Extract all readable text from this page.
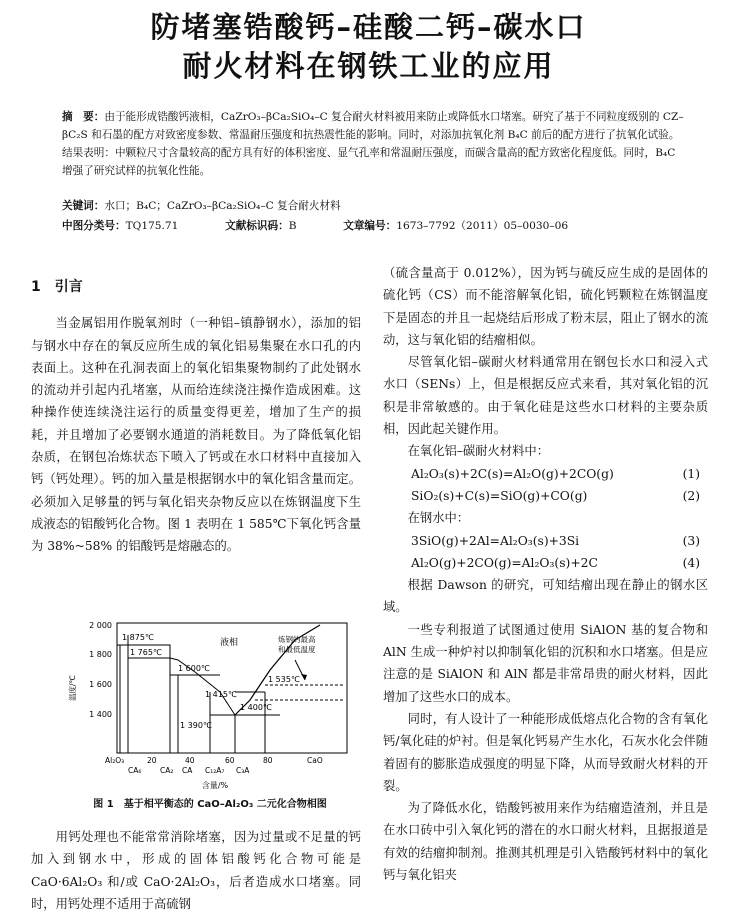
防堵塞锆酸钙–硅酸二钙–碳水口
耐火材料在钢铁工业的应用
摘　要：由于能形成锆酸钙液相，CaZrO₃–βCa₂SiO₄–C 复合耐火材料被用来防止或降低水口堵塞。研究了基于不同粒度级别的 CZ–βC₂S 和石墨的配方对致密度参数、常温耐压强度和抗热震性能的影响。同时，对添加抗氧化剂 B₄C 前后的配方进行了抗氧化试验。结果表明：中颗粒尺寸含量较高的配方具有好的体积密度、显气孔率和常温耐压强度，而碳含量高的配方致密化程度低。同时，B₄C 增强了研究试样的抗氧化性能。
关键词：水口；B₄C；CaZrO₃–βCa₂SiO₄–C 复合耐火材料
中图分类号：TQ175.71	文献标识码：B	文章编号：1673–7792（2011）05–0030–06

1　引言

当金属铝用作脱氧剂时（一种铝–镇静钢水），添加的铝与钢水中存在的氧反应所生成的氧化铝易集聚在水口孔的内表面上。这种在孔洞表面上的氧化铝集聚物制约了此处钢水的流动并引起内孔堵塞，从而给连续浇注操作造成困难。这种操作使连续浇注运行的质量变得更差，增加了生产的损耗，并且增加了必要钢水通道的消耗数目。为了降低氧化铝杂质，在钢包冶炼状态下喷入了钙或在水口材料中直接加入钙（钙处理）。钙的加入量是根据钢水中的氧化铝含量而定。必须加入足够量的钙与氧化铝夹杂物反应以在炼钢温度下生成液态的铝酸钙化合物。图 1 表明在 1 585℃下氧化钙含量为 38%~58% 的铝酸钙是熔融态的。

2 000
1 800
1 600
1 400
温度/℃
1 875℃
1 765℃
1 600℃
1 535℃
1 415℃
1 400℃
1 390℃
液相	炼钢的最高
和最低温度
Al₂O₃	20	40	60	80	CaO
CA₆ CA₂ CA C₁₂A₇ C₃A
含量/%
图 1　基于相平衡态的 CaO–Al₂O₃ 二元化合物相图

用钙处理也不能常常消除堵塞，因为过量或不足量的钙加入到钢水中，形成的固体铝酸钙化合物可能是 CaO·6Al₂O₃ 和/或 CaO·2Al₂O₃，后者造成水口堵塞。同时，用钙处理不适用于高硫钢

（硫含量高于 0.012%），因为钙与硫反应生成的是固体的硫化钙（CS）而不能溶解氧化铝，硫化钙颗粒在炼钢温度下是固态的并且一起烧结后形成了粉末层，阻止了钢水的流动，这与氧化铝的结瘤相似。

尽管氧化铝–碳耐火材料通常用在钢包长水口和浸入式水口（SENs）上，但是根据反应式来看，其对氧化铝的沉积是非常敏感的。由于氧化硅是这些水口材料的主要杂质相，因此起关键作用。

在氧化铝–碳耐火材料中：

Al₂O₃(s)+2C(s)=Al₂O(g)+2CO(g)	(1)
SiO₂(s)+C(s)=SiO(g)+CO(g)	(2)

在钢水中：

3SiO(g)+2Al=Al₂O₃(s)+3Si	(3)
Al₂O(g)+2CO(g)=Al₂O₃(s)+2C	(4)

根据 Dawson 的研究，可知结瘤出现在静止的钢水区域。

一些专利报道了试图通过使用 SiAlON 基的复合物和 AlN 生成一种炉衬以抑制氧化铝的沉积和水口堵塞。但是应注意的是 SiAlON 和 AlN 都是非常昂贵的耐火材料，因此增加了这些水口的成本。

同时，有人设计了一种能形成低熔点化合物的含有氧化钙/氧化硅的炉衬。但是氧化钙易产生水化，石灰水化会伴随着固有的膨胀造成强度的明显下降，从而导致耐火材料的开裂。

为了降低水化，锆酸钙被用来作为结瘤造渣剂，并且是在水口砖中引入氧化钙的潜在的水口耐火材料，且据报道是有效的结瘤抑制剂。推测其机理是引入锆酸钙材料中的氧化钙与氧化铝夹
